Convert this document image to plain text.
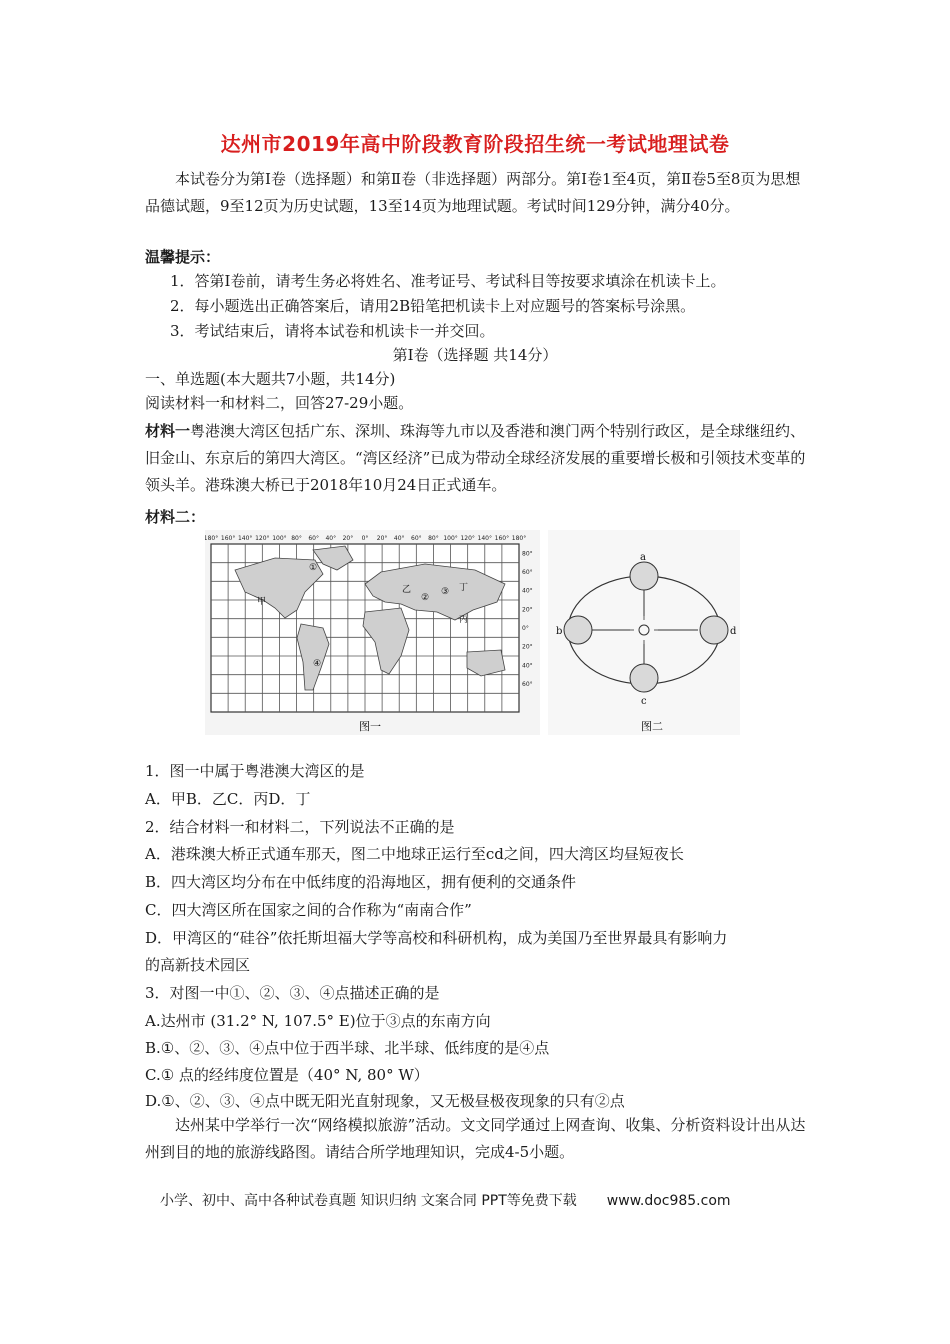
达州市2019年高中阶段教育阶段招生统一考试地理试卷
本试卷分为第Ⅰ卷（选择题）和第Ⅱ卷（非选择题）两部分。第Ⅰ卷1至4页，第Ⅱ卷5至8页为思想品德试题，9至12页为历史试题，13至14页为地理试题。考试时间129分钟，满分40分。
温馨提示：
1．答第Ⅰ卷前，请考生务必将姓名、准考证号、考试科目等按要求填涂在机读卡上。
2．每小题选出正确答案后，请用2B铅笔把机读卡上对应题号的答案标号涂黑。
3．考试结束后，请将本试卷和机读卡一并交回。
第Ⅰ卷（选择题 共14分）
一、单选题(本大题共7小题，共14分)
阅读材料一和材料二，回答27-29小题。
材料一粤港澳大湾区包括广东、深圳、珠海等九市以及香港和澳门两个特别行政区，是全球继纽约、旧金山、东京后的第四大湾区。“湾区经济”已成为带动全球经济发展的重要增长极和引领技术变革的领头羊。港珠澳大桥已于2018年10月24日正式通车。
材料二：
180° 160° 140° 120° 100° 80° 60° 40° 20° 0° 20° 40° 60° 80° 100° 120° 140° 160° 180°
80°
60°
40°
20°
0°
20°
40°
60°
甲
乙
丙
丁
①
②
③
④
图一
a
b
c
d
图二
1．图一中属于粤港澳大湾区的是
A．甲B．乙C．丙D．丁
2．结合材料一和材料二，下列说法不正确的是
A．港珠澳大桥正式通车那天，图二中地球正运行至cd之间，四大湾区均昼短夜长
B．四大湾区均分布在中低纬度的沿海地区，拥有便利的交通条件
C．四大湾区所在国家之间的合作称为“南南合作”
D．甲湾区的“硅谷”依托斯坦福大学等高校和科研机构，成为美国乃至世界最具有影响力
的高新技术园区
3．对图一中①、②、③、④点描述正确的是
A.达州市 (31.2° N, 107.5° E)位于③点的东南方向
B.①、②、③、④点中位于西半球、北半球、低纬度的是④点
C.① 点的经纬度位置是（40° N, 80° W）
D.①、②、③、④点中既无阳光直射现象，又无极昼极夜现象的只有②点
达州某中学举行一次“网络模拟旅游”活动。文文同学通过上网查询、收集、分析资料设计出从达州到目的地的旅游线路图。请结合所学地理知识，完成4-5小题。
小学、初中、高中各种试卷真题 知识归纳 文案合同 PPT等免费下载 www.doc985.com
